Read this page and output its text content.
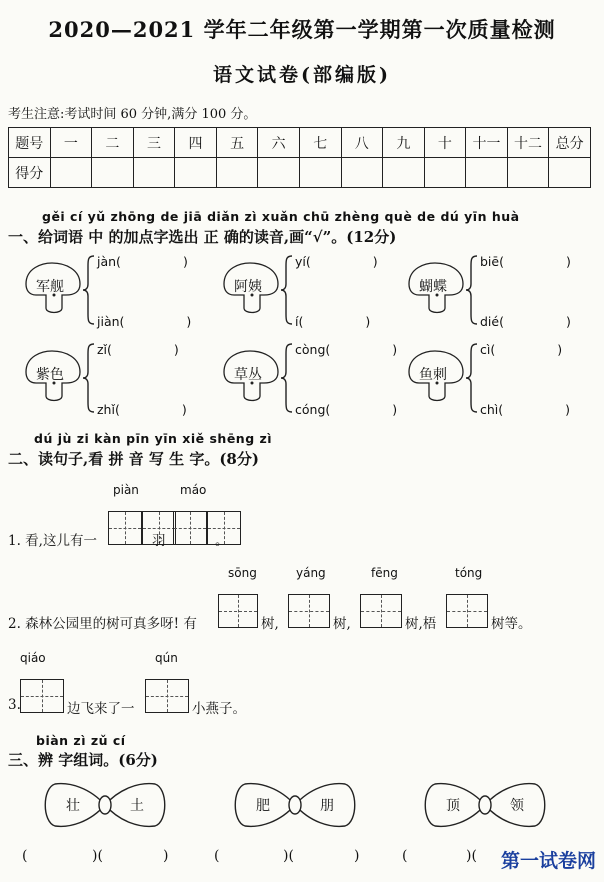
2020—2021 学年二年级第一学期第一次质量检测
语文试卷(部编版)
考生注意:考试时间 60 分钟,满分 100 分。
题号	一	二	三	四	五	六	七	八	九	十	十一	十二	总分
得分													
gěi cí yǔ zhōng de jiā diǎn zì xuǎn chū zhèng què de dú yīn huà
一、给词语 中 的加点字选出 正 确的读音,画“√”。(12分)
军舰
jàn(	)
jiàn(	)
阿姨
yí(	)
í(	)
蝴蝶
biē(	)
dié(	)
紫色
zǐ(	)
zhǐ(	)
草丛
còng(	)
cóng(	)
鱼刺
cì(	)
chì(	)
dú jù zi kàn pīn yīn xiě shēng zì
二、读句子,看 拼 音 写 生 字。(8分)
piàn	máo
1. 看,这儿有一	羽	。
sōng	yáng	fēng	tóng
2. 森林公园里的树可真多呀! 有	树,	树,	树,梧	树等。
qiáo	qún
3.	边飞来了一	小燕子。
biàn zì zǔ cí
三、辨 字组词。(6分)
壮	土	肥	朋	顶	领
(	)(	)	(	)(	)	(	)( 第一试卷网
